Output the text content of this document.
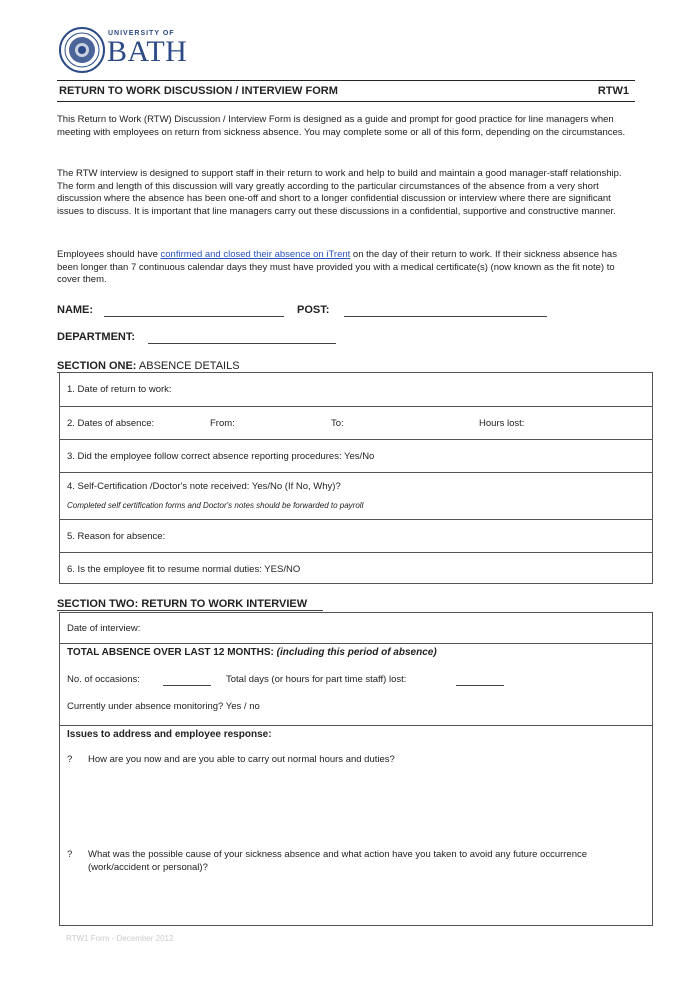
UNIVERSITY OF
BATH
RETURN TO WORK DISCUSSION / INTERVIEW FORM	RTW1

This Return to Work (RTW) Discussion / Interview Form is designed as a guide and prompt for good practice for line managers when meeting with employees on return from sickness absence. You may complete some or all of this form, depending on the circumstances.

The RTW interview is designed to support staff in their return to work and help to build and maintain a good manager-staff relationship. The form and length of this discussion will vary greatly according to the particular circumstances of the absence from a very short discussion where the absence has been one-off and short to a longer confidential discussion or interview where there are significant issues to discuss. It is important that line managers carry out these discussions in a confidential, supportive and constructive manner.

Employees should have confirmed and closed their absence on iTrent on the day of their return to work. If their sickness absence has been longer than 7 continuous calendar days they must have provided you with a medical certificate(s) (now known as the fit note) to cover them.

NAME:	POST:
DEPARTMENT:
SECTION ONE: ABSENCE DETAILS
1. Date of return to work:
2. Dates of absence:	From:	To:	Hours lost:
3. Did the employee follow correct absence reporting procedures: Yes/No
4. Self-Certification /Doctor's note received: Yes/No (If No, Why)?
Completed self certification forms and Doctor's notes should be forwarded to payroll
5. Reason for absence:
6. Is the employee fit to resume normal duties: YES/NO
SECTION TWO: RETURN TO WORK INTERVIEW
Date of interview:
TOTAL ABSENCE OVER LAST 12 MONTHS: (including this period of absence)
No. of occasions:	Total days (or hours for part time staff) lost:
Currently under absence monitoring? Yes / no
Issues to address and employee response:
? How are you now and are you able to carry out normal hours and duties?
? What was the possible cause of your sickness absence and what action have you taken to avoid any future occurrence (work/accident or personal)?
RTW1 Form - December 2012
